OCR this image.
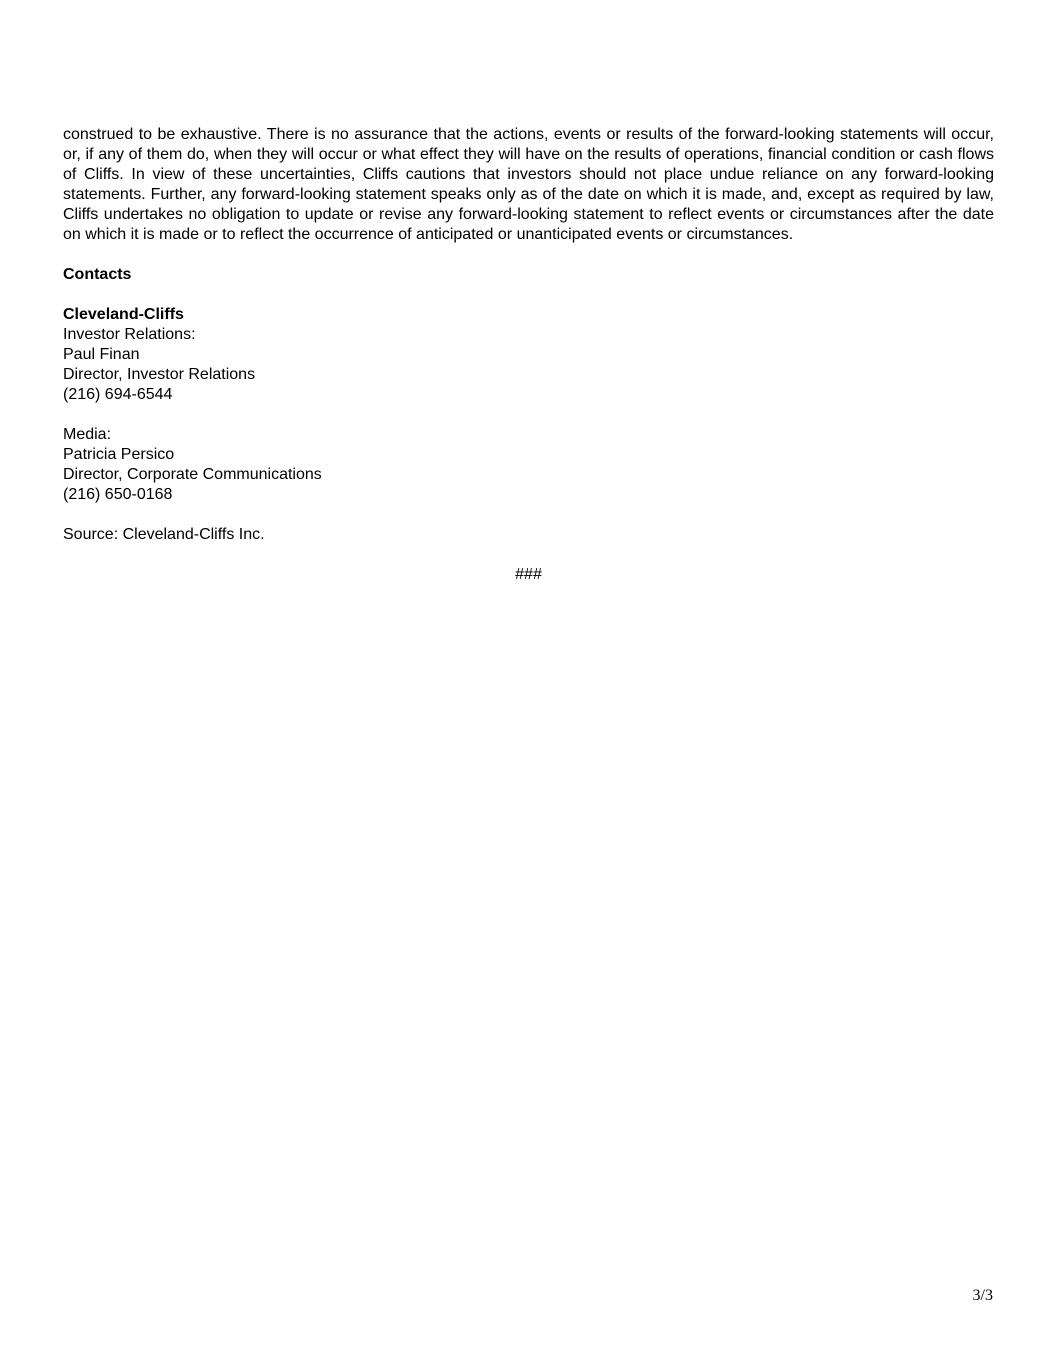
construed to be exhaustive. There is no assurance that the actions, events or results of the forward-looking statements will occur, or, if any of them do, when they will occur or what effect they will have on the results of operations, financial condition or cash flows of Cliffs. In view of these uncertainties, Cliffs cautions that investors should not place undue reliance on any forward-looking statements. Further, any forward-looking statement speaks only as of the date on which it is made, and, except as required by law, Cliffs undertakes no obligation to update or revise any forward-looking statement to reflect events or circumstances after the date on which it is made or to reflect the occurrence of anticipated or unanticipated events or circumstances.

Contacts
Cleveland-Cliffs
Investor Relations:
Paul Finan
Director, Investor Relations
(216) 694-6544
Media:
Patricia Persico
Director, Corporate Communications
(216) 650-0168
Source: Cleveland-Cliffs Inc.

###

3/3
